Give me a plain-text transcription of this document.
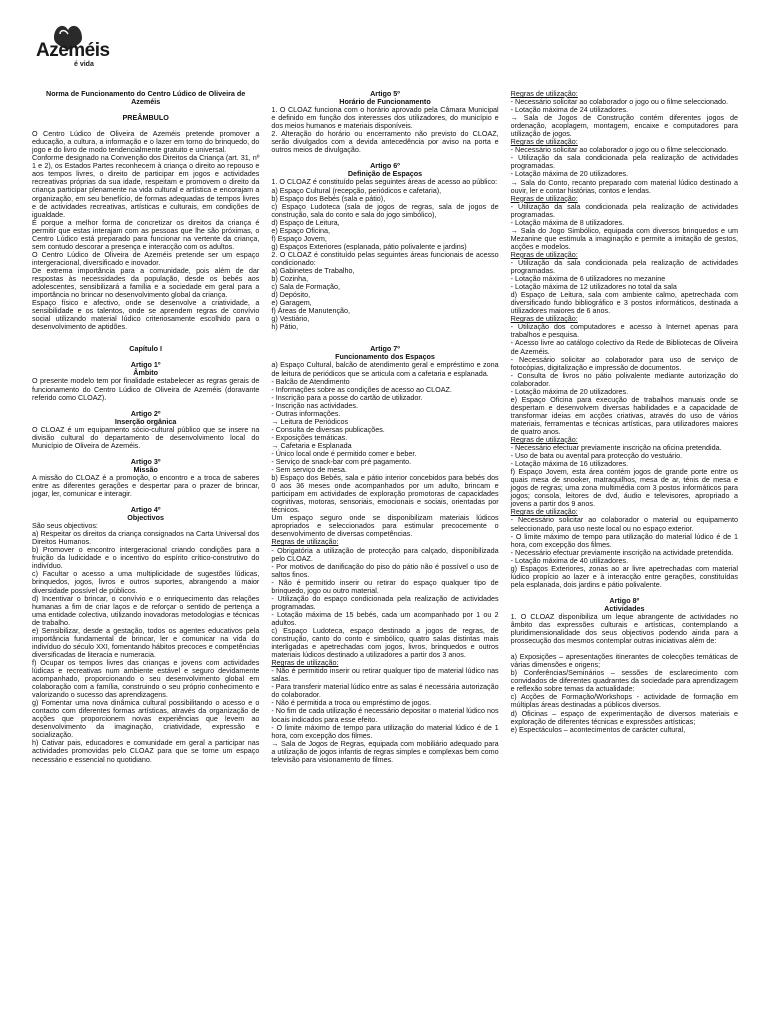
Azeméis
é vida

Norma de Funcionamento do Centro Lúdico de Oliveira de Azeméis

PREÂMBULO

O Centro Lúdico de Oliveira de Azeméis pretende promover a educação, a cultura, a informação e o lazer em torno do brinquedo, do jogo e do livro de modo tendencialmente gratuito e universal.

Conforme designado na Convenção dos Direitos da Criança (art. 31, nº 1 e 2), os Estados Partes reconhecem à criança o direito ao repouso e aos tempos livres, o direito de participar em jogos e actividades recreativas próprias da sua idade, respeitam e promovem o direito da criança participar plenamente na vida cultural e artística e encorajam a organização, em seu benefício, de formas adequadas de tempos livres e de actividades recreativas, artísticas e culturais, em condições de igualdade.

É porque a melhor forma de concretizar os direitos da criança é permitir que estas interajam com as pessoas que lhe são próximas, o Centro Lúdico está preparado para funcionar na vertente da criança, sem contudo descorar a presença e interacção com os adultos.

O Centro Lúdico de Oliveira de Azeméis pretende ser um espaço intergeracional, diversificado e inovador.

De extrema importância para a comunidade, pois além de dar respostas às necessidades da população, desde os bebés aos adolescentes, sensibilizará a família e a sociedade em geral para a importância no brincar no desenvolvimento global da criança.

Espaço físico e afectivo, onde se desenvolve a criatividade, a sensibilidade e os talentos, onde se aprendem regras de convívio social utilizando material lúdico criteriosamente escolhido para o desenvolvimento de aptidões.

Capítulo I

Artigo 1º

Âmbito

O presente modelo tem por finalidade estabelecer as regras gerais de funcionamento do Centro Lúdico de Oliveira de Azeméis (doravante referido como CLOAZ).

Artigo 2º

Inserção orgânica

O CLOAZ é um equipamento sócio-cultural público que se insere na divisão cultural do departamento de desenvolvimento local do Município de Oliveira de Azeméis.

Artigo 3º

Missão

A missão do CLOAZ é a promoção, o encontro e a troca de saberes entre as diferentes gerações e despertar para o prazer de brincar, jogar, ler, comunicar e interagir.

Artigo 4º

Objectivos

São seus objectivos:

a) Respeitar os direitos da criança consignados na Carta Universal dos Direitos Humanos.

b) Promover o encontro intergeracional criando condições para a fruição da ludicidade e o incentivo do espírito crítico-construtivo do indivíduo.

c) Facultar o acesso a uma multiplicidade de sugestões lúdicas, brinquedos, jogos, livros e outros suportes, abrangendo a maior diversidade possível de públicos.

d) Incentivar o brincar, o convívio e o enriquecimento das relações humanas a fim de criar laços e de reforçar o sentido de pertença a uma entidade colectiva, utilizando inovadoras metodologias e técnicas de trabalho.

e) Sensibilizar, desde a gestação, todos os agentes educativos pela importância fundamental de brincar, ler e comunicar na vida do indivíduo do século XXI, fomentando hábitos precoces e competências diversificadas de literacia e numeracia.

f) Ocupar os tempos livres das crianças e jovens com actividades lúdicas e recreativas num ambiente estável e seguro devidamente acompanhado, proporcionando o seu desenvolvimento global em colaboração com a família, construindo o seu próprio conhecimento e valorizando o sucesso das aprendizagens.

g) Fomentar uma nova dinâmica cultural possibilitando o acesso e o contacto com diferentes formas artísticas, através da organização de acções que proporcionem novas experiências que levem ao desenvolvimento da imaginação, criatividade, expressão e socialização.

h) Cativar pais, educadores e comunidade em geral a participar nas actividades promovidas pelo CLOAZ para que se torne um espaço necessário e essencial no quotidiano.

Artigo 5º

Horário de Funcionamento

1. O CLOAZ funciona com o horário aprovado pela Câmara Municipal e definido em função dos interesses dos utilizadores, do município e dos meios humanos e materiais disponíveis.

2. Alteração do horário ou encerramento não previsto do CLOAZ, serão divulgados com a devida antecedência por aviso na porta e outros meios de divulgação.

Artigo 6º

Definição de Espaços

1. O CLOAZ é constituído pelas seguintes áreas de acesso ao público:

a) Espaço Cultural (recepção, periódicos e cafetaria),

b) Espaço dos Bebés (sala e pátio),

c) Espaço Ludoteca (sala de jogos de regras, sala de jogos de construção, sala do conto e sala do jogo simbólico),

d) Espaço de Leitura,

e) Espaço Oficina,

f) Espaço Jovem,

g) Espaços Exteriores (esplanada, pátio polivalente e jardins)

2. O CLOAZ é constituído pelas seguintes áreas funcionais de acesso condicionado:

a) Gabinetes de Trabalho,

b) Cozinha,

c) Sala de Formação,

d) Depósito,

e) Garagem,

f) Áreas de Manutenção,

g) Vestiário,

h) Pátio,

Artigo 7º

Funcionamento dos Espaços

a) Espaço Cultural, balcão de atendimento geral e empréstimo e zona de leitura de periódicos que se articula com a cafetaria e esplanada.

- Balcão de Atendimento

- Informações sobre as condições de acesso ao CLOAZ.

- Inscrição para a posse do cartão de utilizador.

- Inscrição nas actividades.

- Outras informações.

→ Leitura de Periódicos

- Consulta de diversas publicações.

- Exposições temáticas.

→ Cafetaria e Esplanada

- Único local onde é permitido comer e beber.

- Serviço de snack-bar com pré pagamento.

- Sem serviço de mesa.

b) Espaço dos Bebés, sala e pátio interior concebidos para bebés dos 0 aos 36 meses onde acompanhados por um adulto, brincam e participam em actividades de exploração promotoras de capacidades cognitivas, motoras, sensoriais, emocionais e sociais, orientadas por técnicos.

Um espaço seguro onde se disponibilizam materiais lúdicos apropriados e seleccionados para estimular precocemente o desenvolvimento de diversas competências.

Regras de utilização:

- Obrigatória a utilização de protecção para calçado, disponibilizada pelo CLOAZ.

- Por motivos de danificação do piso do pátio não é possível o uso de saltos finos.

- Não é permitido inserir ou retirar do espaço qualquer tipo de brinquedo, jogo ou outro material.

- Utilização do espaço condicionada pela realização de actividades programadas.

- Lotação máxima de 15 bebés, cada um acompanhado por 1 ou 2 adultos.

c) Espaço Ludoteca, espaço destinado a jogos de regras, de construção, canto do conto e simbólico, quatro salas distintas mais interligadas e apetrechadas com jogos, livros, brinquedos e outros materiais lúdicos destinado a utilizadores a partir dos 3 anos.

Regras de utilização:

- Não é permitido inserir ou retirar qualquer tipo de material lúdico nas salas.

- Para transferir material lúdico entre as salas é necessária autorização do colaborador.

- Não é permitida a troca ou empréstimo de jogos.

- No fim de cada utilização é necessário depositar o material lúdico nos locais indicados para esse efeito.

- O limite máximo de tempo para utilização do material lúdico é de 1 hora, com excepção dos filmes.

→ Sala de Jogos de Regras, equipada com mobiliário adequado para a utilização de jogos infantis de regras simples e complexas bem como televisão para visionamento de filmes.

Regras de utilização:

- Necessário solicitar ao colaborador o jogo ou o filme seleccionado.

- Lotação máxima de 24 utilizadores.

→ Sala de Jogos de Construção contém diferentes jogos de ordenação, acoplagem, montagem, encaixe e computadores para utilização de jogos.

Regras de utilização:

- Necessário solicitar ao colaborador o jogo ou o filme seleccionado.

- Utilização da sala condicionada pela realização de actividades programadas.

- Lotação máxima de 20 utilizadores.

→ Sala do Conto, recanto preparado com material lúdico destinado a ouvir, ler e contar histórias, contos e lendas.

Regras de utilização:

- Utilização da sala condicionada pela realização de actividades programadas.

- Lotação máxima de 8 utilizadores.

→ Sala do Jogo Simbólico, equipada com diversos brinquedos e um Mezanine que estimula a imaginação e permite a imitação de gestos, acções e modelos.

Regras de utilização:

- Utilização da sala condicionada pela realização de actividades programadas.

- Lotação máxima de 6 utilizadores no mezanine

- Lotação máxima de 12 utilizadores no total da sala

d) Espaço de Leitura, sala com ambiente calmo, apetrechada com diversificado fundo bibliográfico e 3 postos informáticos, destinada a utilizadores maiores de 6 anos.

Regras de utilização:

- Utilização dos computadores e acesso à Internet apenas para trabalhos e pesquisa.

- Acesso livre ao catálogo colectivo da Rede de Bibliotecas de Oliveira de Azeméis.

- Necessário solicitar ao colaborador para uso de serviço de fotocópias, digitalização e impressão de documentos.

- Consulta de livros no pátio polivalente mediante autorização do colaborador.

- Lotação máxima de 20 utilizadores.

e) Espaço Oficina para execução de trabalhos manuais onde se despertam e desenvolvem diversas habilidades e a capacidade de transformar ideias em acções criativas, através do uso de vários materiais, ferramentas e técnicas artísticas, para utilizadores maiores de quatro anos.

Regras de utilização:

- Necessário efectuar previamente inscrição na oficina pretendida.

- Uso de bata ou avental para protecção do vestuário.

- Lotação máxima de 16 utilizadores.

f) Espaço Jovem, esta área contém jogos de grande porte entre os quais mesa de snooker, matraquilhos, mesa de ar, ténis de mesa e jogos de regras; uma zona multimédia com 3 postos informáticos para jogos; consola, leitores de dvd, áudio e televisores, apropriado a jovens a partir dos 9 anos.

Regras de utilização:

- Necessário solicitar ao colaborador o material ou equipamento seleccionado, para uso neste local ou no espaço exterior.

- O limite máximo de tempo para utilização do material lúdico é de 1 hora, com excepção dos filmes.

- Necessário efectuar previamente inscrição na actividade pretendida.

- Lotação máxima de 40 utilizadores.

g) Espaços Exteriores, zonas ao ar livre apetrechadas com material lúdico propício ao lazer e à interacção entre gerações, constituídas pela esplanada, dois jardins e pátio polivalente.

Artigo 8º

Actividades

1. O CLOAZ disponibiliza um leque abrangente de actividades no âmbito das expressões culturais e artísticas, contemplando a pluridimensionalidade dos seus objectivos podendo ainda para a prossecução dos mesmos contemplar outras iniciativas além de:

a) Exposições – apresentações itinerantes de colecções temáticas de várias dimensões e origens;

b) Conferências/Seminários – sessões de esclarecimento com convidados de diferentes quadrantes da sociedade para aprendizagem e reflexão sobre temas da actualidade:

c) Acções de Formação/Workshops - actividade de formação em múltiplas áreas destinadas a públicos diversos.

d) Oficinas – espaço de experimentação de diversos materiais e exploração de diferentes técnicas e expressões artísticas;

e) Espectáculos – acontecimentos de carácter cultural,
